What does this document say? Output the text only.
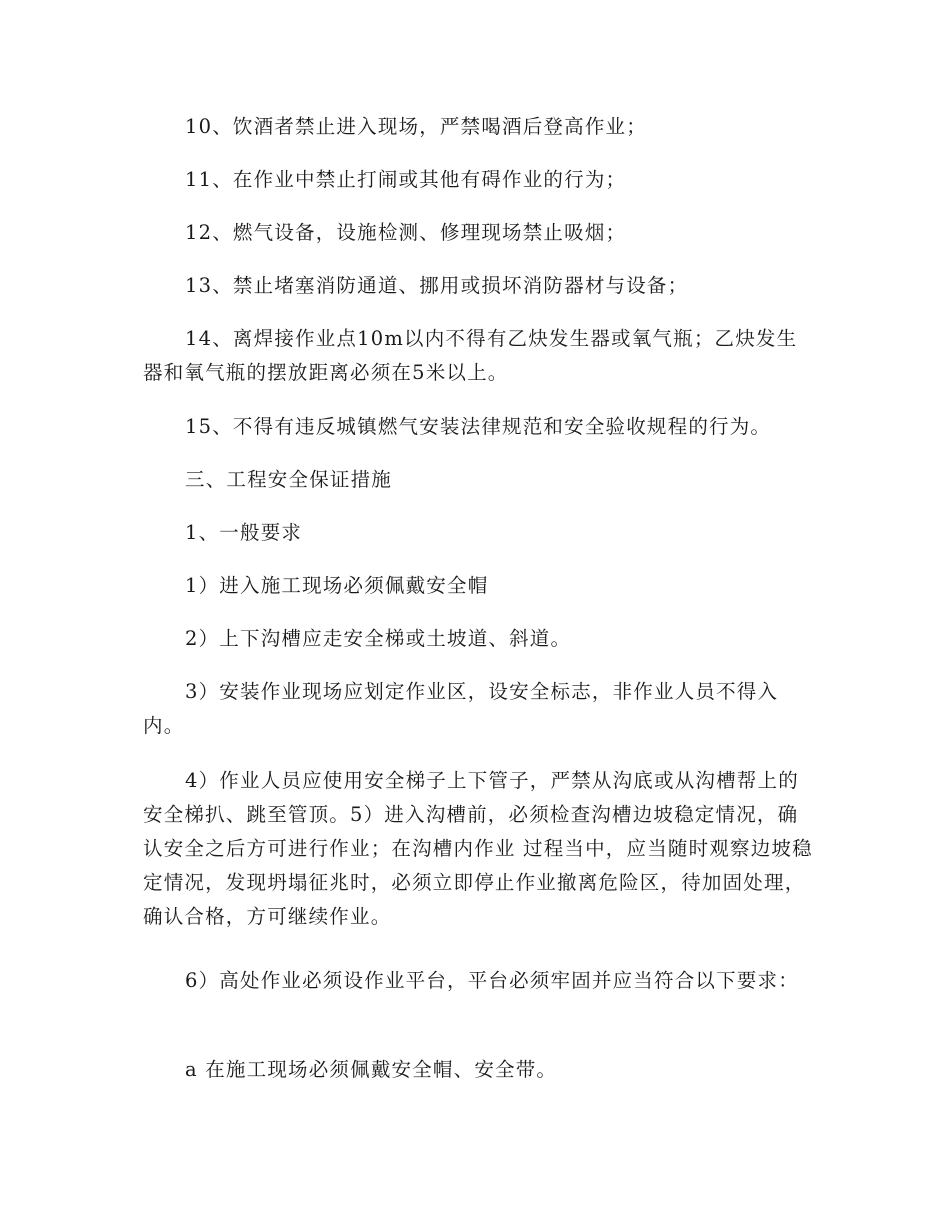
10、饮酒者禁止进入现场，严禁喝酒后登高作业；

11、在作业中禁止打闹或其他有碍作业的行为；

12、燃气设备，设施检测、修理现场禁止吸烟；

13、禁止堵塞消防通道、挪用或损坏消防器材与设备；

14、离焊接作业点10m以内不得有乙炔发生器或氧气瓶；乙炔发生器和氧气瓶的摆放距离必须在5米以上。

15、不得有违反城镇燃气安装法律规范和安全验收规程的行为。

三、工程安全保证措施

1、一般要求

1）进入施工现场必须佩戴安全帽

2）上下沟槽应走安全梯或土坡道、斜道。

3）安装作业现场应划定作业区，设安全标志，非作业人员不得入内。

4）作业人员应使用安全梯子上下管子，严禁从沟底或从沟槽帮上的安全梯扒、跳至管顶。5）进入沟槽前，必须检查沟槽边坡稳定情况，确认安全之后方可进行作业；在沟槽内作业 过程当中，应当随时观察边坡稳定情况，发现坍塌征兆时，必须立即停止作业撤离危险区，待加固处理，确认合格，方可继续作业。

6）高处作业必须设作业平台，平台必须牢固并应当符合以下要求：

a 在施工现场必须佩戴安全帽、安全带。
